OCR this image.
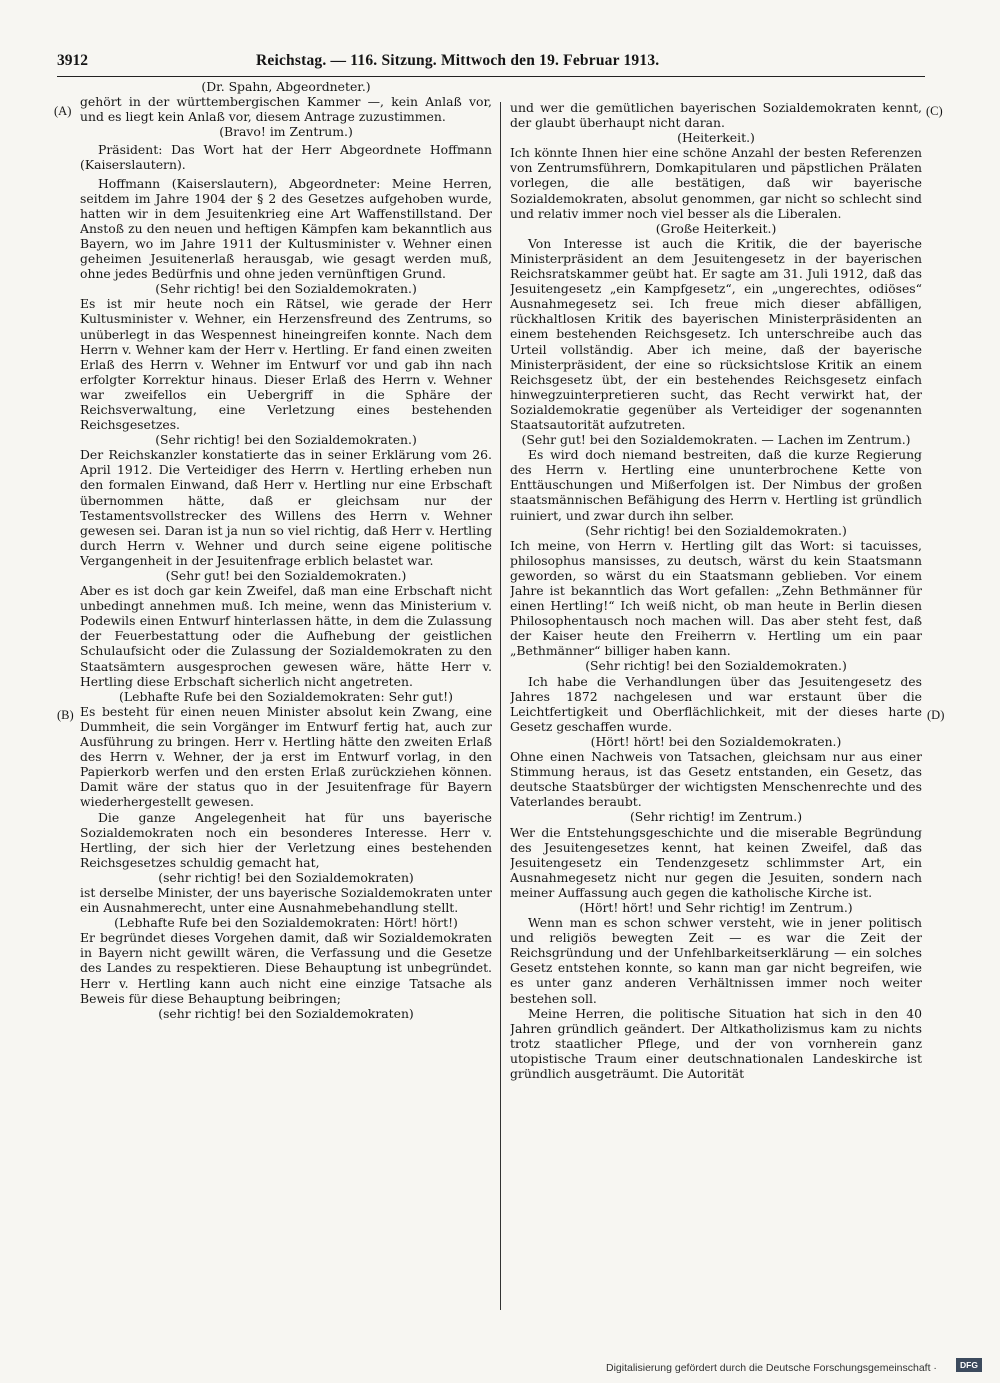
3912	Reichstag. — 116. Sitzung. Mittwoch den 19. Februar 1913.
(A)
(B)
(C)
(D)

(Dr. Spahn, Abgeordneter.)

gehört in der württembergischen Kammer —, kein Anlaß vor, und es liegt kein Anlaß vor, diesem Antrage zuzustimmen.

(Bravo! im Zentrum.)

Präsident: Das Wort hat der Herr Abgeordnete Hoffmann (Kaiserslautern).

Hoffmann (Kaiserslautern), Abgeordneter: Meine Herren, seitdem im Jahre 1904 der § 2 des Gesetzes aufgehoben wurde, hatten wir in dem Jesuitenkrieg eine Art Waffenstillstand. Der Anstoß zu den neuen und heftigen Kämpfen kam bekanntlich aus Bayern, wo im Jahre 1911 der Kultusminister v. Wehner einen geheimen Jesuitenerlaß herausgab, wie gesagt werden muß, ohne jedes Bedürfnis und ohne jeden vernünftigen Grund.

(Sehr richtig! bei den Sozialdemokraten.)

Es ist mir heute noch ein Rätsel, wie gerade der Herr Kultusminister v. Wehner, ein Herzensfreund des Zentrums, so unüberlegt in das Wespennest hineingreifen konnte. Nach dem Herrn v. Wehner kam der Herr v. Hertling. Er fand einen zweiten Erlaß des Herrn v. Wehner im Entwurf vor und gab ihn nach erfolgter Korrektur hinaus. Dieser Erlaß des Herrn v. Wehner war zweifellos ein Uebergriff in die Sphäre der Reichsverwaltung, eine Verletzung eines bestehenden Reichsgesetzes.

(Sehr richtig! bei den Sozialdemokraten.)

Der Reichskanzler konstatierte das in seiner Erklärung vom 26. April 1912. Die Verteidiger des Herrn v. Hertling erheben nun den formalen Einwand, daß Herr v. Hertling nur eine Erbschaft übernommen hätte, daß er gleichsam nur der Testamentsvollstrecker des Willens des Herrn v. Wehner gewesen sei. Daran ist ja nun so viel richtig, daß Herr v. Hertling durch Herrn v. Wehner und durch seine eigene politische Vergangenheit in der Jesuitenfrage erblich belastet war.

(Sehr gut! bei den Sozialdemokraten.)

Aber es ist doch gar kein Zweifel, daß man eine Erbschaft nicht unbedingt annehmen muß. Ich meine, wenn das Ministerium v. Podewils einen Entwurf hinterlassen hätte, in dem die Zulassung der Feuerbestattung oder die Aufhebung der geistlichen Schulaufsicht oder die Zulassung der Sozialdemokraten zu den Staatsämtern ausgesprochen gewesen wäre, hätte Herr v. Hertling diese Erbschaft sicherlich nicht angetreten.

(Lebhafte Rufe bei den Sozialdemokraten: Sehr gut!)

Es besteht für einen neuen Minister absolut kein Zwang, eine Dummheit, die sein Vorgänger im Entwurf fertig hat, auch zur Ausführung zu bringen. Herr v. Hertling hätte den zweiten Erlaß des Herrn v. Wehner, der ja erst im Entwurf vorlag, in den Papierkorb werfen und den ersten Erlaß zurückziehen können. Damit wäre der status quo in der Jesuitenfrage für Bayern wiederhergestellt gewesen.

Die ganze Angelegenheit hat für uns bayerische Sozialdemokraten noch ein besonderes Interesse. Herr v. Hertling, der sich hier der Verletzung eines bestehenden Reichsgesetzes schuldig gemacht hat,

(sehr richtig! bei den Sozialdemokraten)

ist derselbe Minister, der uns bayerische Sozialdemokraten unter ein Ausnahmerecht, unter eine Ausnahmebehandlung stellt.

(Lebhafte Rufe bei den Sozialdemokraten: Hört! hört!)

Er begründet dieses Vorgehen damit, daß wir Sozialdemokraten in Bayern nicht gewillt wären, die Verfassung und die Gesetze des Landes zu respektieren. Diese Behauptung ist unbegründet. Herr v. Hertling kann auch nicht eine einzige Tatsache als Beweis für diese Behauptung beibringen;

(sehr richtig! bei den Sozialdemokraten)

und wer die gemütlichen bayerischen Sozialdemokraten kennt, der glaubt überhaupt nicht daran.

(Heiterkeit.)

Ich könnte Ihnen hier eine schöne Anzahl der besten Referenzen von Zentrumsführern, Domkapitularen und päpstlichen Prälaten vorlegen, die alle bestätigen, daß wir bayerische Sozialdemokraten, absolut genommen, gar nicht so schlecht sind und relativ immer noch viel besser als die Liberalen.

(Große Heiterkeit.)

Von Interesse ist auch die Kritik, die der bayerische Ministerpräsident an dem Jesuitengesetz in der bayerischen Reichsratskammer geübt hat. Er sagte am 31. Juli 1912, daß das Jesuitengesetz „ein Kampfgesetz“, ein „ungerechtes, odiöses“ Ausnahmegesetz sei. Ich freue mich dieser abfälligen, rückhaltlosen Kritik des bayerischen Ministerpräsidenten an einem bestehenden Reichsgesetz. Ich unterschreibe auch das Urteil vollständig. Aber ich meine, daß der bayerische Ministerpräsident, der eine so rücksichtslose Kritik an einem Reichsgesetz übt, der ein bestehendes Reichsgesetz einfach hinwegzuinterpretieren sucht, das Recht verwirkt hat, der Sozialdemokratie gegenüber als Verteidiger der sogenannten Staatsautorität aufzutreten.

(Sehr gut! bei den Sozialdemokraten. — Lachen im Zentrum.)

Es wird doch niemand bestreiten, daß die kurze Regierung des Herrn v. Hertling eine ununterbrochene Kette von Enttäuschungen und Mißerfolgen ist. Der Nimbus der großen staatsmännischen Befähigung des Herrn v. Hertling ist gründlich ruiniert, und zwar durch ihn selber.

(Sehr richtig! bei den Sozialdemokraten.)

Ich meine, von Herrn v. Hertling gilt das Wort: si tacuisses, philosophus mansisses, zu deutsch, wärst du kein Staatsmann geworden, so wärst du ein Staatsmann geblieben. Vor einem Jahre ist bekanntlich das Wort gefallen: „Zehn Bethmänner für einen Hertling!“ Ich weiß nicht, ob man heute in Berlin diesen Philosophentausch noch machen will. Das aber steht fest, daß der Kaiser heute den Freiherrn v. Hertling um ein paar „Bethmänner“ billiger haben kann.

(Sehr richtig! bei den Sozialdemokraten.)

Ich habe die Verhandlungen über das Jesuitengesetz des Jahres 1872 nachgelesen und war erstaunt über die Leichtfertigkeit und Oberflächlichkeit, mit der dieses harte Gesetz geschaffen wurde.

(Hört! hört! bei den Sozialdemokraten.)

Ohne einen Nachweis von Tatsachen, gleichsam nur aus einer Stimmung heraus, ist das Gesetz entstanden, ein Gesetz, das deutsche Staatsbürger der wichtigsten Menschenrechte und des Vaterlandes beraubt.

(Sehr richtig! im Zentrum.)

Wer die Entstehungsgeschichte und die miserable Begründung des Jesuitengesetzes kennt, hat keinen Zweifel, daß das Jesuitengesetz ein Tendenzgesetz schlimmster Art, ein Ausnahmegesetz nicht nur gegen die Jesuiten, sondern nach meiner Auffassung auch gegen die katholische Kirche ist.

(Hört! hört! und Sehr richtig! im Zentrum.)

Wenn man es schon schwer versteht, wie in jener politisch und religiös bewegten Zeit — es war die Zeit der Reichsgründung und der Unfehlbarkeitserklärung — ein solches Gesetz entstehen konnte, so kann man gar nicht begreifen, wie es unter ganz anderen Verhältnissen immer noch weiter bestehen soll.

Meine Herren, die politische Situation hat sich in den 40 Jahren gründlich geändert. Der Altkatholizismus kam zu nichts trotz staatlicher Pflege, und der von vornherein ganz utopistische Traum einer deutschnationalen Landeskirche ist gründlich ausgeträumt. Die Autorität

Digitalisierung gefördert durch die Deutsche Forschungsgemeinschaft ·	DFG
